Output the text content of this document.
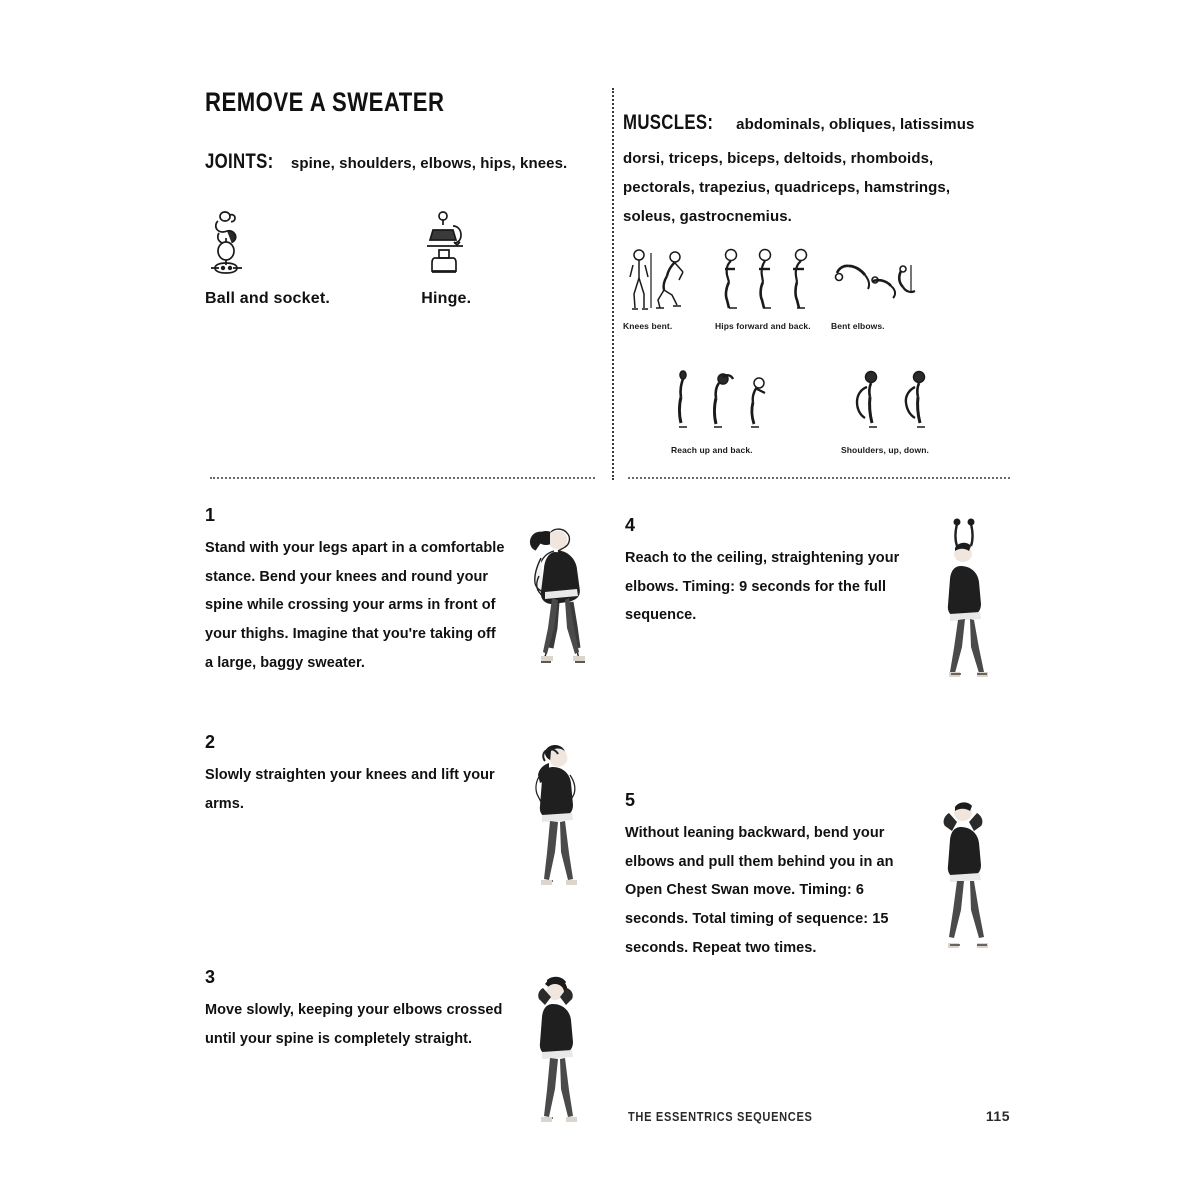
REMOVE A SWEATER

JOINTS: spine, shoulders, elbows, hips, knees.

Ball and socket.	Hinge.

MUSCLES: abdominals, obliques, latissimus dorsi, triceps, biceps, deltoids, rhomboids, pectorals, trapezius, quadriceps, hamstrings, soleus, gastrocnemius.

Knees bent.	Hips forward and back.	Bent elbows.
Reach up and back.	Shoulders, up, down.
1

Stand with your legs apart in a comfortable stance. Bend your knees and round your spine while crossing your arms in front of your thighs. Imagine that you're taking off a large, baggy sweater.

2

Slowly straighten your knees and lift your arms.

3

Move slowly, keeping your elbows crossed until your spine is completely straight.

4

Reach to the ceiling, straightening your elbows. Timing: 9 seconds for the full sequence.

5

Without leaning backward, bend your elbows and pull them behind you in an Open Chest Swan move. Timing: 6 seconds. Total timing of sequence: 15 seconds. Repeat two times.

THE ESSENTRICS SEQUENCES	115
